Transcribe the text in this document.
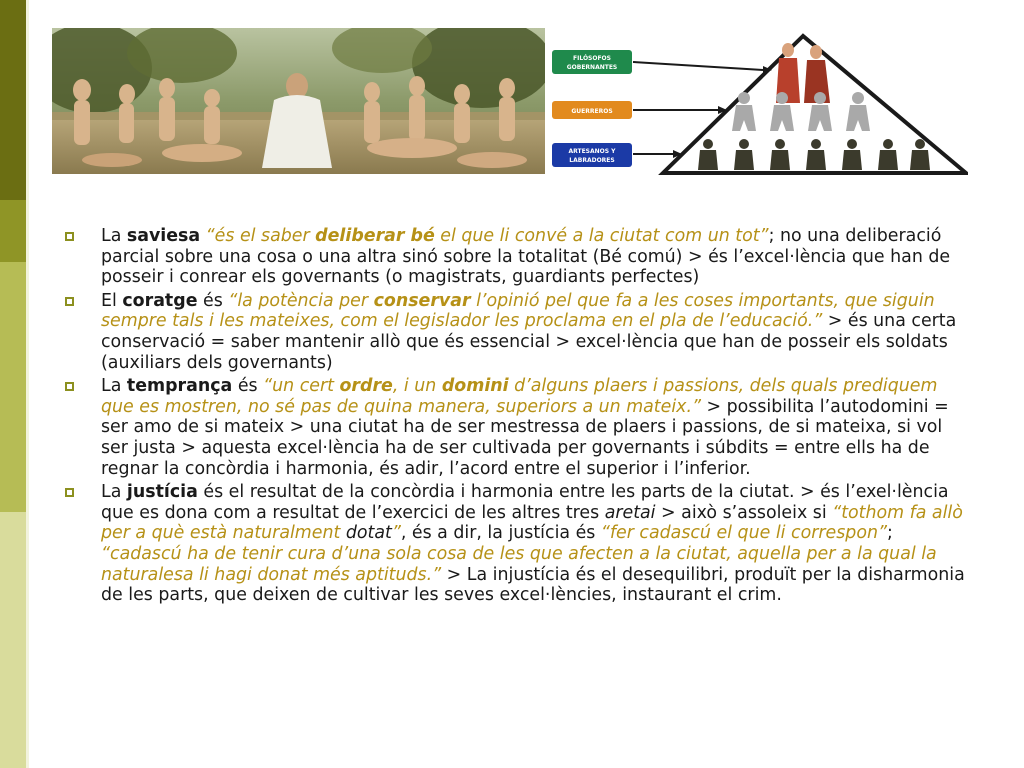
FILÓSOFOS
GOBERNANTES
GUERREROS
ARTESANOS Y
LABRADORES
La saviesa “és el saber deliberar bé el que li convé a la ciutat com un tot”; no una deliberació parcial sobre una cosa o una altra sinó sobre la totalitat (Bé comú) > és l’excel·lència que han de posseir i conrear els governants (o magistrats, guardiants perfectes)
El coratge és “la potència per conservar l’opinió pel que fa a les coses importants, que siguin sempre tals i les mateixes, com el legislador les proclama en el pla de l’educació.” > és una certa conservació = saber mantenir allò que és essencial > excel·lència que han de posseir els soldats (auxiliars dels governants)
La temprança és “un cert ordre, i un domini d’alguns plaers i passions, dels quals prediquem que es mostren, no sé pas de quina manera, superiors a un mateix.” > possibilita l’autodomini = ser amo de si mateix > una ciutat ha de ser mestressa de plaers i passions, de si mateixa, si vol ser justa > aquesta excel·lència ha de ser cultivada per governants i súbdits = entre ells ha de regnar la concòrdia i harmonia, és adir, l’acord entre el superior i l’inferior.
La justícia és el resultat de la concòrdia i harmonia entre les parts de la ciutat. > és l’exel·lència que es dona com a resultat de l’exercici de les altres tres aretai > això s’assoleix si “tothom fa allò per a què està naturalment dotat”, és a dir, la justícia és “fer cadascú el que li correspon”; “cadascú ha de tenir cura d’una sola cosa de les que afecten a la ciutat, aquella per a la qual la naturalesa li hagi donat més aptituds.” > La injustícia és el desequilibri, produït per la disharmonia de les parts, que deixen de cultivar les seves excel·lències, instaurant el crim.
